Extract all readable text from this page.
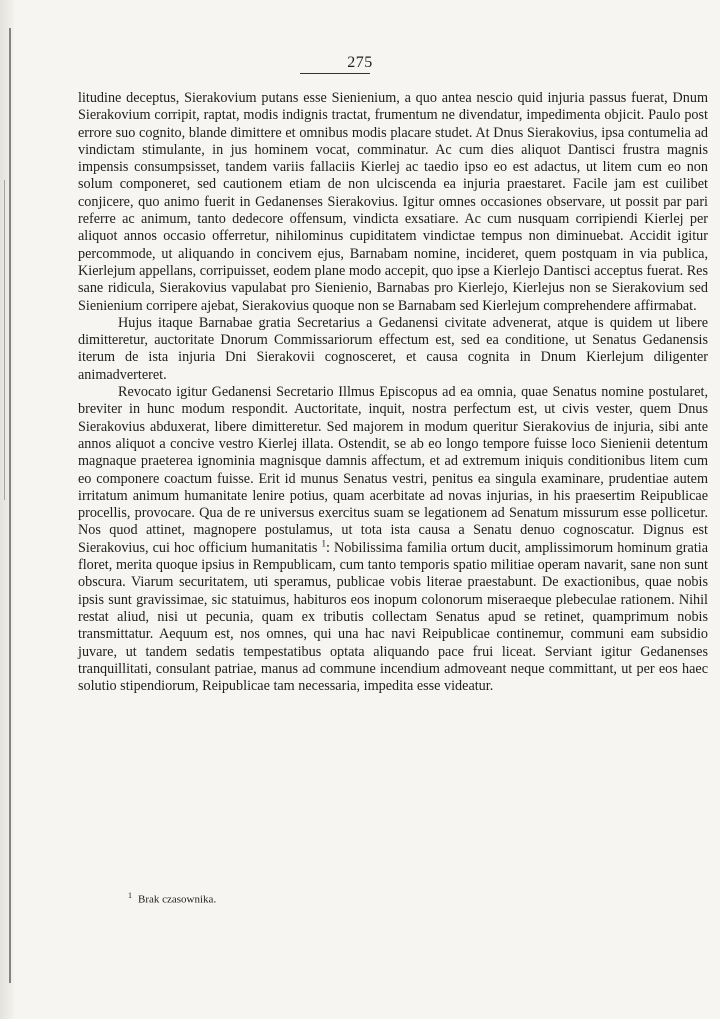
275

litudine deceptus, Sierakovium putans esse Sienienium, a quo antea nescio quid injuria passus fuerat, Dnum Sierakovium corripit, raptat, modis indignis tractat, frumentum ne divendatur, impedimenta objicit. Paulo post errore suo cognito, blande dimittere et omnibus modis placare studet. At Dnus Sierakovius, ipsa contumelia ad vindictam stimulante, in jus hominem vocat, comminatur. Ac cum dies aliquot Dantisci frustra magnis impensis consumpsisset, tandem variis fallaciis Kierlej ac taedio ipso eo est adactus, ut litem cum eo non solum componeret, sed cautionem etiam de non ulciscenda ea injuria praestaret. Facile jam est cuilibet conjicere, quo animo fuerit in Gedanenses Sierakovius. Igitur omnes occasiones observare, ut possit par pari referre ac animum, tanto dedecore offensum, vindicta exsatiare. Ac cum nusquam corripiendi Kierlej per aliquot annos occasio offerretur, nihilominus cupiditatem vindictae tempus non diminuebat. Accidit igitur percommode, ut aliquando in concivem ejus, Barnabam nomine, incideret, quem postquam in via publica, Kierlejum appellans, corripuisset, eodem plane modo accepit, quo ipse a Kierlejo Dantisci acceptus fuerat. Res sane ridicula, Sierakovius vapulabat pro Sienienio, Barnabas pro Kierlejo, Kierlejus non se Sierakovium sed Sienienium corripere ajebat, Sierakovius quoque non se Barnabam sed Kierlejum comprehendere affirmabat.

Hujus itaque Barnabae gratia Secretarius a Gedanensi civitate advenerat, atque is quidem ut libere dimitteretur, auctoritate Dnorum Commissariorum effectum est, sed ea conditione, ut Senatus Gedanensis iterum de ista injuria Dni Sierakovii cognosceret, et causa cognita in Dnum Kierlejum diligenter animadverteret.

Revocato igitur Gedanensi Secretario Illmus Episcopus ad ea omnia, quae Senatus nomine postularet, breviter in hunc modum respondit. Auctoritate, inquit, nostra perfectum est, ut civis vester, quem Dnus Sierakovius abduxerat, libere dimitteretur. Sed majorem in modum queritur Sierakovius de injuria, sibi ante annos aliquot a concive vestro Kierlej illata. Ostendit, se ab eo longo tempore fuisse loco Sienienii detentum magnaque praeterea ignominia magnisque damnis affectum, et ad extremum iniquis conditionibus litem cum eo componere coactum fuisse. Erit id munus Senatus vestri, penitus ea singula examinare, prudentiae autem irritatum animum humanitate lenire potius, quam acerbitate ad novas injurias, in his praesertim Reipublicae procellis, provocare. Qua de re universus exercitus suam se legationem ad Senatum missurum esse pollicetur. Nos quod attinet, magnopere postulamus, ut tota ista causa a Senatu denuo cognoscatur. Dignus est Sierakovius, cui hoc officium humanitatis $^1$: Nobilissima familia ortum ducit, amplissimorum hominum gratia floret, merita quoque ipsius in Rempublicam, cum tanto temporis spatio militiae operam navarit, sane non sunt obscura. Viarum securitatem, uti speramus, publicae vobis literae praestabunt. De exactionibus, quae nobis ipsis sunt gravissimae, sic statuimus, habituros eos inopum colonorum miseraeque plebeculae rationem. Nihil restat aliud, nisi ut pecunia, quam ex tributis collectam Senatus apud se retinet, quamprimum nobis transmittatur. Aequum est, nos omnes, qui una hac navi Reipublicae continemur, communi eam subsidio juvare, ut tandem sedatis tempestatibus optata aliquando pace frui liceat. Serviant igitur Gedanenses tranquillitati, consulant patriae, manus ad commune incendium admoveant neque committant, ut per eos haec solutio stipendiorum, Reipublicae tam necessaria, impedita esse videatur.

$^1$ Brak czasownika.
